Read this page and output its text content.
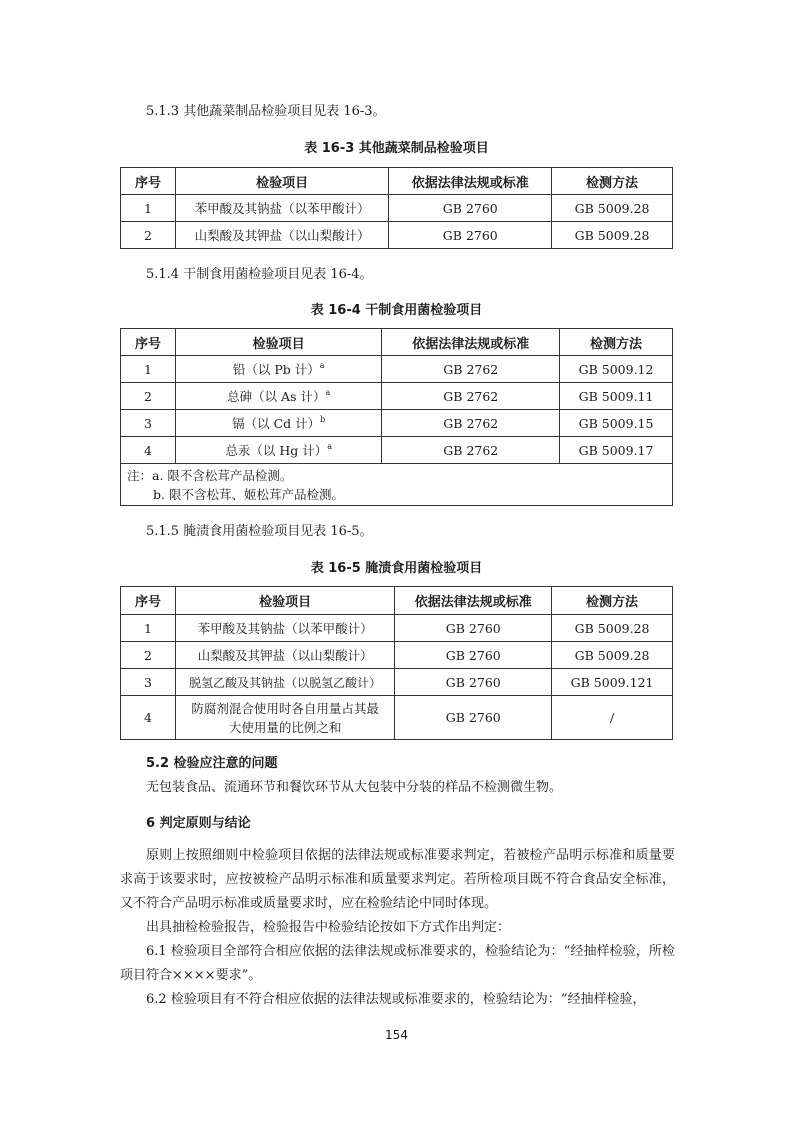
5.1.3 其他蔬菜制品检验项目见表 16-3。
表 16-3 其他蔬菜制品检验项目
序号	检验项目	依据法律法规或标准	检测方法
1	苯甲酸及其钠盐（以苯甲酸计）	GB 2760	GB 5009.28
2	山梨酸及其钾盐（以山梨酸计）	GB 2760	GB 5009.28
5.1.4 干制食用菌检验项目见表 16-4。
表 16-4 干制食用菌检验项目
序号	检验项目	依据法律法规或标准	检测方法
1	铅（以 Pb 计）$^a$	GB 2762	GB 5009.12
2	总砷（以 As 计）$^a$	GB 2762	GB 5009.11
3	镉（以 Cd 计）$^b$	GB 2762	GB 5009.15
4	总汞（以 Hg 计）$^a$	GB 2762	GB 5009.17

注：a. 限不含松茸产品检测。
b. 限不含松茸、姬松茸产品检测。			
5.1.5 腌渍食用菌检验项目见表 16-5。
表 16-5 腌渍食用菌检验项目
序号	检验项目	依据法律法规或标准	检测方法
1	苯甲酸及其钠盐（以苯甲酸计）	GB 2760	GB 5009.28
2	山梨酸及其钾盐（以山梨酸计）	GB 2760	GB 5009.28
3	脱氢乙酸及其钠盐（以脱氢乙酸计）	GB 2760	GB 5009.121
4	防腐剂混合使用时各自用量占其最
大使用量的比例之和	GB 2760	/
5.2 检验应注意的问题
无包装食品、流通环节和餐饮环节从大包装中分装的样品不检测微生物。
6 判定原则与结论
原则上按照细则中检验项目依据的法律法规或标准要求判定，若被检产品明示标准和质量要求高于该要求时，应按被检产品明示标准和质量要求判定。若所检项目既不符合食品安全标准，又不符合产品明示标准或质量要求时，应在检验结论中同时体现。
出具抽检检验报告，检验报告中检验结论按如下方式作出判定：
6.1 检验项目全部符合相应依据的法律法规或标准要求的，检验结论为：“经抽样检验，所检项目符合××××要求”。
6.2 检验项目有不符合相应依据的法律法规或标准要求的，检验结论为：“经抽样检验，
154
